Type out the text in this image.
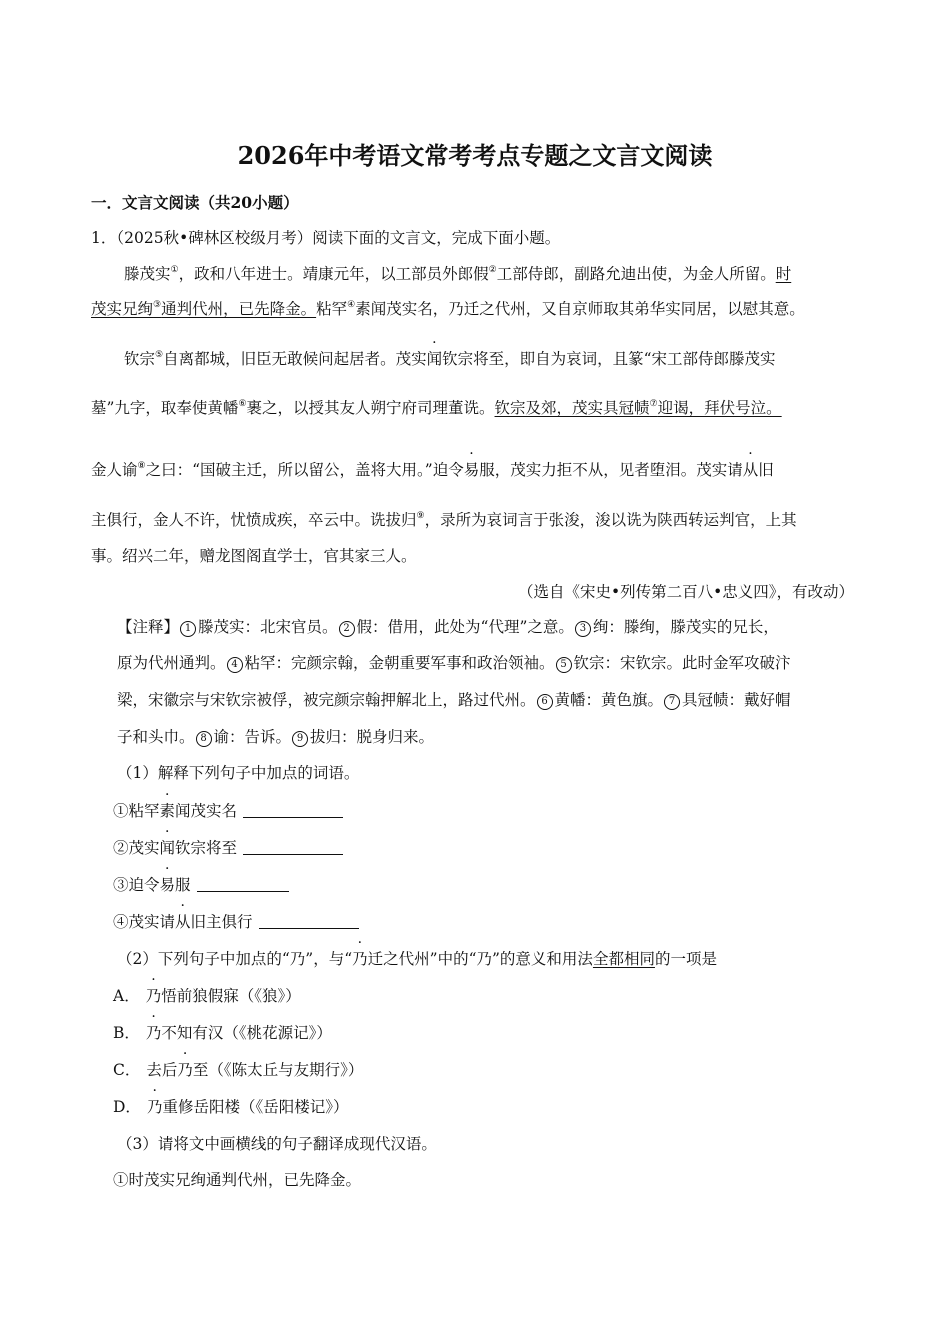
2026年中考语文常考考点专题之文言文阅读
一．文言文阅读（共20小题）
1．（2025秋•碑林区校级月考）阅读下面的文言文，完成下面小题。
滕茂实①，政和八年进士。靖康元年，以工部员外郎假②工部侍郎，副路允迪出使，为金人所留。时
茂实兄绚③通判代州，已先降金。粘罕④素闻茂实名，乃迁之代州，又自京师取其弟华实同居，以慰其意。
钦宗⑤自离都城，旧臣无敢候问起居者。茂实闻钦宗将至，即自为哀词，且篆“宋工部侍郎滕茂实
墓”九字，取奉使黄幡⑥裹之，以授其友人朔宁府司理董诜。钦宗及郊，茂实具冠帻⑦迎谒，拜伏号泣。
金人谕⑧之曰：“国破主迁，所以留公，盖将大用。”迫令易服，茂实力拒不从，见者堕泪。茂实请从旧
主俱行，金人不许，忧愤成疾，卒云中。诜拔归⑨，录所为哀词言于张浚，浚以诜为陕西转运判官，上其
事。绍兴二年，赠龙图阁直学士，官其家三人。
（选自《宋史•列传第二百八•忠义四》，有改动）
【注释】 1 滕茂实：北宋官员。 2 假：借用，此处为“代理”之意。 3 绚：滕绚，滕茂实的兄长，
原为代州通判。 4 粘罕：完颜宗翰，金朝重要军事和政治领袖。 5 钦宗：宋钦宗。此时金军攻破汴
梁，宋徽宗与宋钦宗被俘，被完颜宗翰押解北上，路过代州。 6 黄幡：黄色旗。 7 具冠帻：戴好帽
子和头巾。 8 谕：告诉。 9 拔归：脱身归来。
（1）解释下列句子中加点的词语。
①粘罕素闻茂实名
②茂实闻钦宗将至
③迫令易服
④茂实请从旧主俱行
（2）下列句子中加点的“乃”，与“乃迁之代州”中的“乃”的意义和用法全都相同的一项是
A． 乃悟前狼假寐（《狼》）
B． 乃不知有汉（《桃花源记》）
C． 去后乃至（《陈太丘与友期行》）
D． 乃重修岳阳楼（《岳阳楼记》）
（3）请将文中画横线的句子翻译成现代汉语。
①时茂实兄绚通判代州，已先降金。
